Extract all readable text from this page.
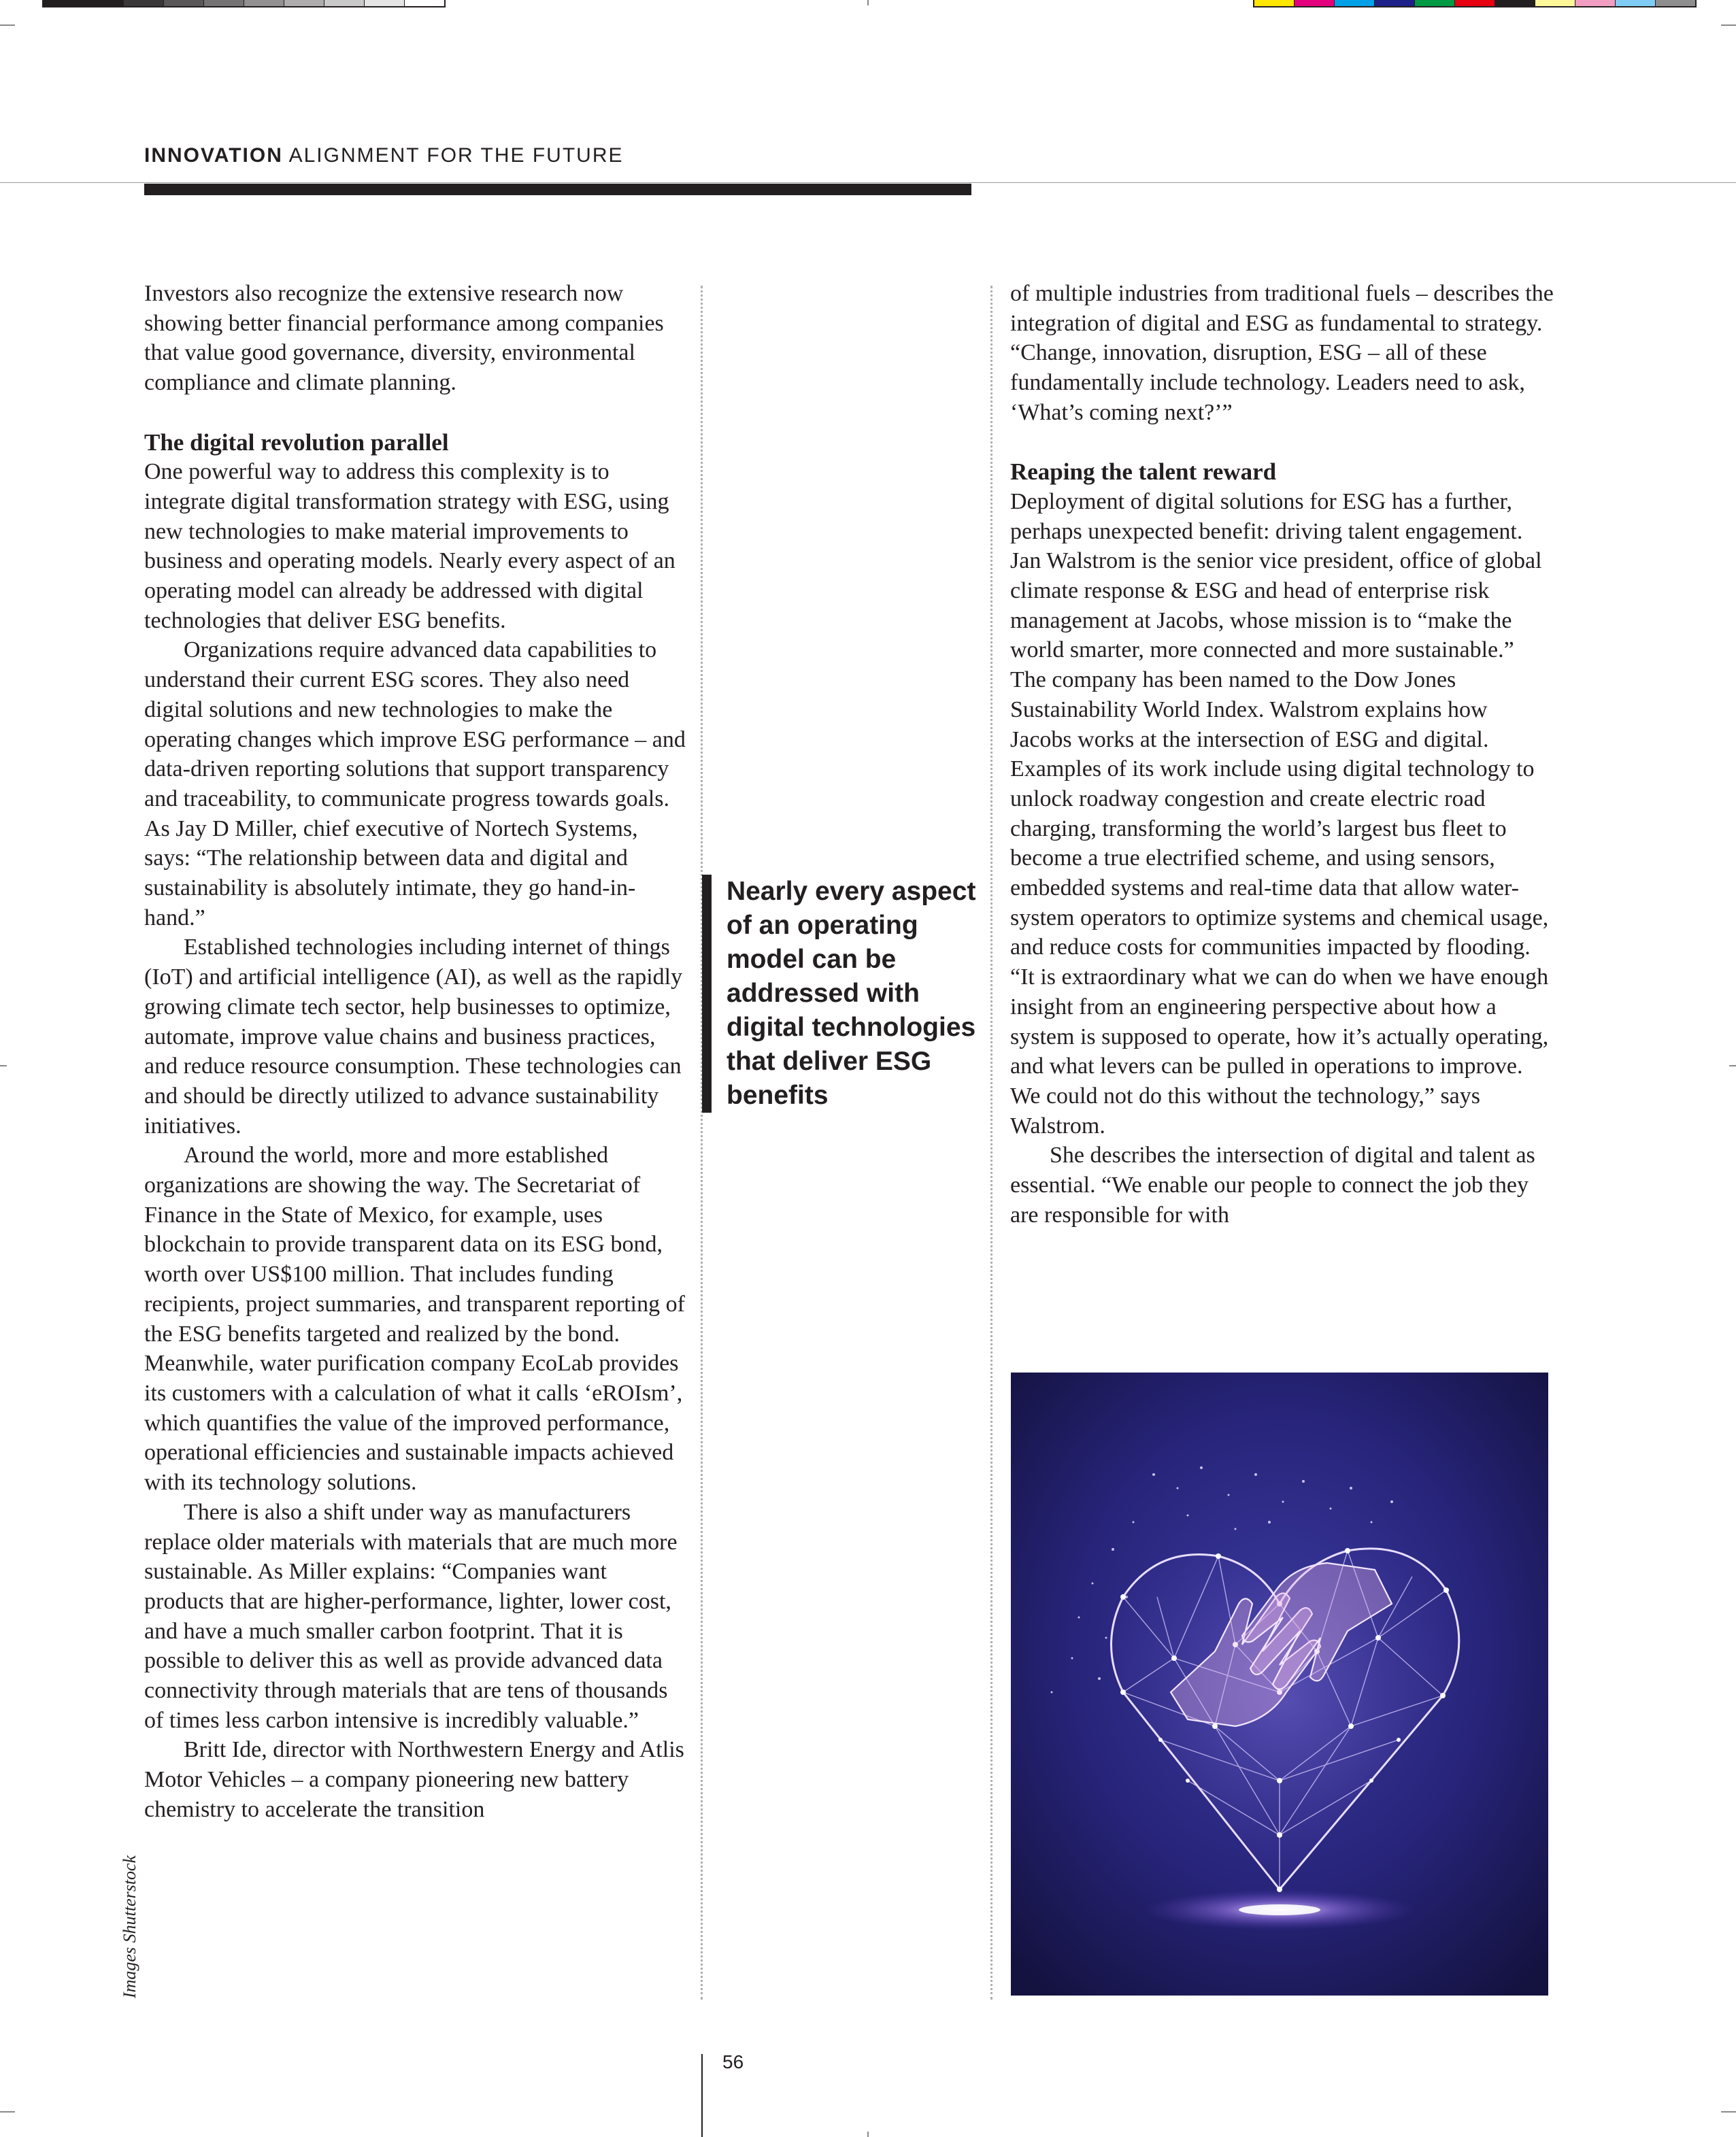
INNOVATION ALIGNMENT FOR THE FUTURE

Investors also recognize the extensive research now showing better financial performance among companies that value good governance, diversity, environmental compliance and climate planning.

The digital revolution parallel

One powerful way to address this complexity is to integrate digital transformation strategy with ESG, using new technologies to make material improvements to business and operating models. Nearly every aspect of an operating model can already be addressed with digital technologies that deliver ESG benefits.

Organizations require advanced data capabilities to understand their current ESG scores. They also need digital solutions and new technologies to make the operating changes which improve ESG performance – and data-driven reporting solutions that support transparency and traceability, to communicate progress towards goals. As Jay D Miller, chief executive of Nortech Systems, says: “The relationship between data and digital and sustainability is absolutely intimate, they go hand-in-hand.”

Established technologies including internet of things (IoT) and artificial intelligence (AI), as well as the rapidly growing climate tech sector, help businesses to optimize, automate, improve value chains and business practices, and reduce resource consumption. These technologies can and should be directly utilized to advance sustainability initiatives.

Around the world, more and more established organizations are showing the way. The Secretariat of Finance in the State of Mexico, for example, uses blockchain to provide transparent data on its ESG bond, worth over US$100 million. That includes funding recipients, project summaries, and transparent reporting of the ESG benefits targeted and realized by the bond. Meanwhile, water purification company EcoLab provides its customers with a calculation of what it calls ‘eROIsm’, which quantifies the value of the improved performance, operational efficiencies and sustainable impacts achieved with its technology solutions.

There is also a shift under way as manufacturers replace older materials with materials that are much more sustainable. As Miller explains: “Companies want products that are higher-performance, lighter, lower cost, and have a much smaller carbon footprint. That it is possible to deliver this as well as provide advanced data connectivity through materials that are tens of thousands of times less carbon intensive is incredibly valuable.”

Britt Ide, director with Northwestern Energy and Atlis Motor Vehicles – a company pioneering new battery chemistry to accelerate the transition

Nearly every aspect of an operating model can be addressed with digital technologies that deliver ESG benefits

of multiple industries from traditional fuels – describes the integration of digital and ESG as fundamental to strategy. “Change, innovation, disruption, ESG – all of these fundamentally include technology. Leaders need to ask, ‘What’s coming next?’”

Reaping the talent reward

Deployment of digital solutions for ESG has a further, perhaps unexpected benefit: driving talent engagement. Jan Walstrom is the senior vice president, office of global climate response & ESG and head of enterprise risk management at Jacobs, whose mission is to “make the world smarter, more connected and more sustainable.” The company has been named to the Dow Jones Sustainability World Index. Walstrom explains how Jacobs works at the intersection of ESG and digital. Examples of its work include using digital technology to unlock roadway congestion and create electric road charging, transforming the world’s largest bus fleet to become a true electrified scheme, and using sensors, embedded systems and real-time data that allow water-system operators to optimize systems and chemical usage, and reduce costs for communities impacted by flooding. “It is extraordinary what we can do when we have enough insight from an engineering perspective about how a system is supposed to operate, how it’s actually operating, and what levers can be pulled in operations to improve. We could not do this without the technology,” says Walstrom.

She describes the intersection of digital and talent as essential. “We enable our people to connect the job they are responsible for with

Images Shutterstock
56
